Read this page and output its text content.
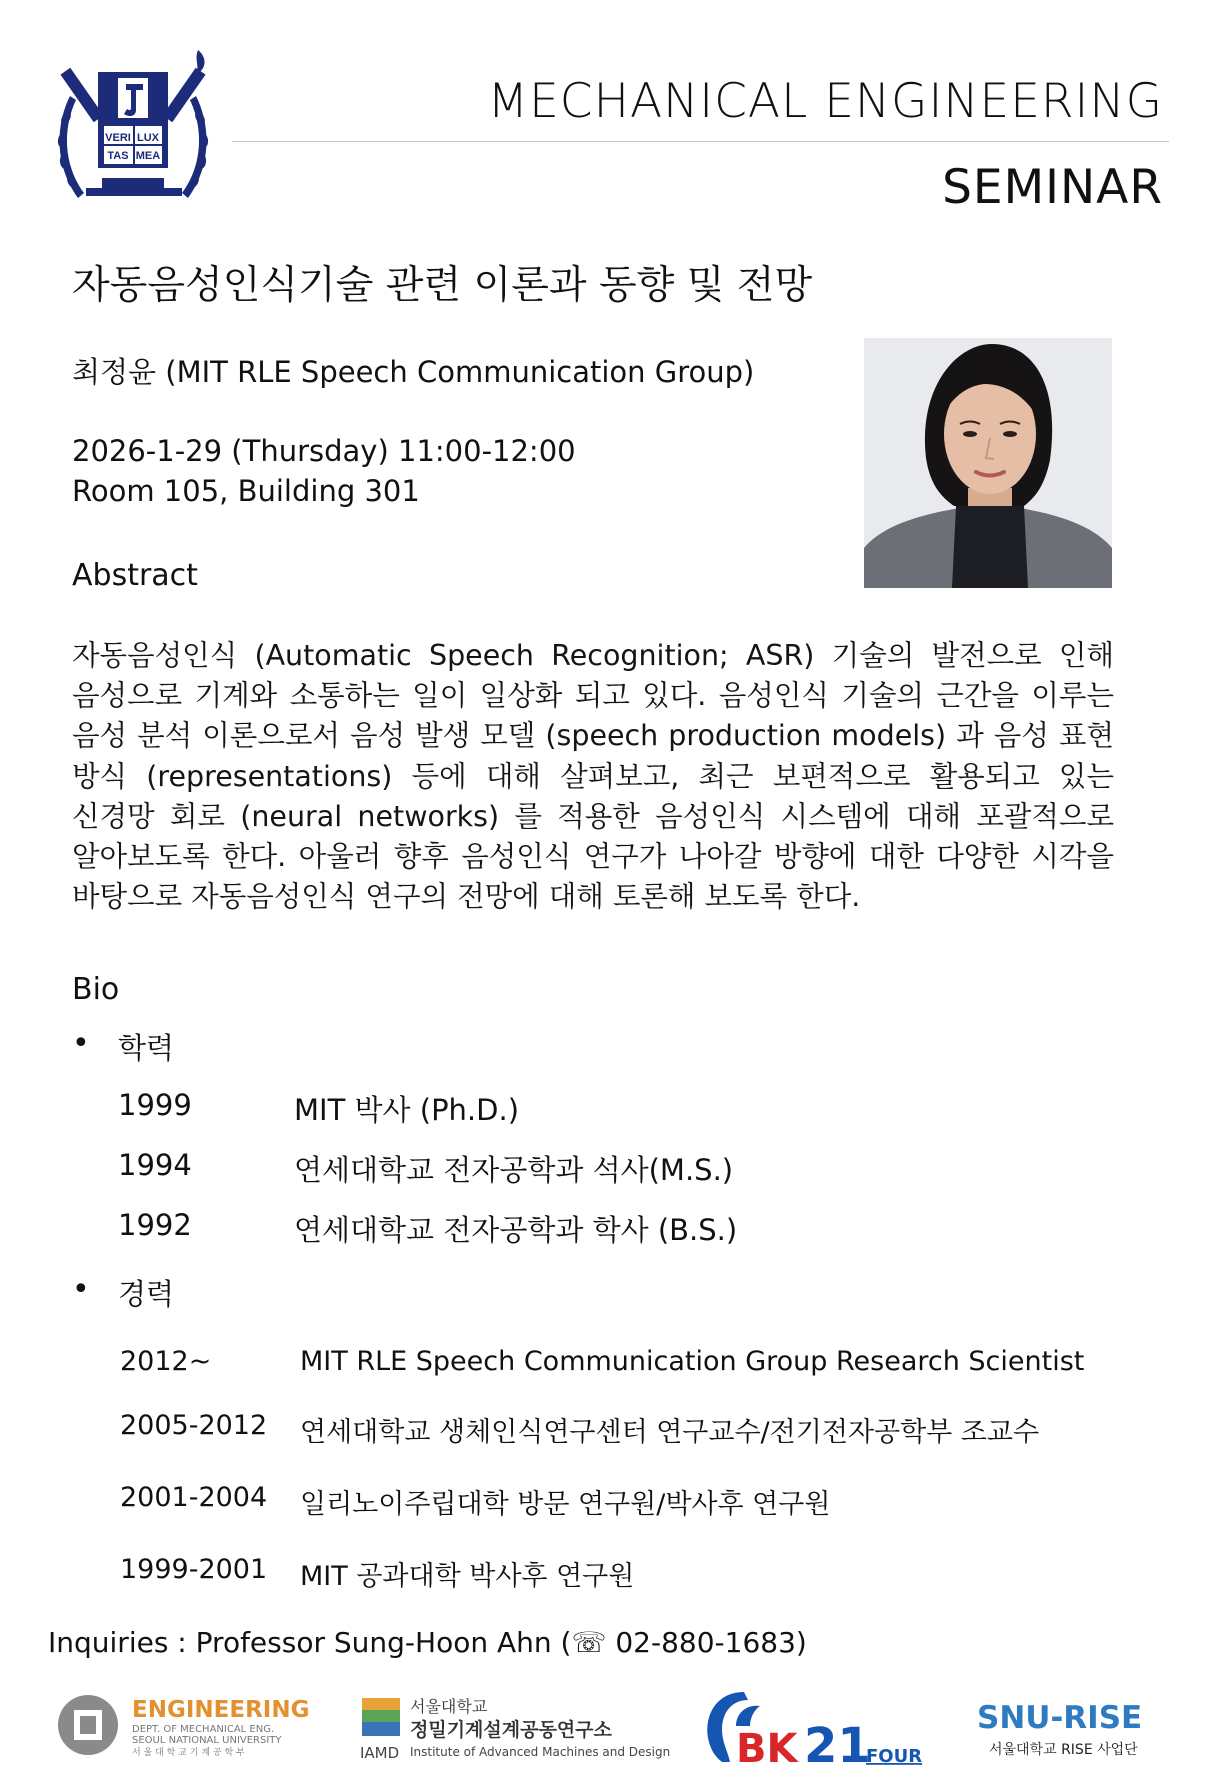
VERI LUX
TAS MEA
MECHANICAL ENGINEERING
SEMINAR
자동음성인식기술 관련 이론과 동향 및 전망
최정윤 (MIT RLE Speech Communication Group)
2026-1-29 (Thursday) 11:00-12:00
Room 105, Building 301
Abstract
자동음성인식 (Automatic Speech Recognition; ASR) 기술의 발전으로 인해 음성으로 기계와 소통하는 일이 일상화 되고 있다. 음성인식 기술의 근간을 이루는 음성 분석 이론으로서 음성 발생 모델 (speech production models) 과 음성 표현 방식 (representations) 등에 대해 살펴보고, 최근 보편적으로 활용되고 있는 신경망 회로 (neural networks) 를 적용한 음성인식 시스템에 대해 포괄적으로 알아보도록 한다. 아울러 향후 음성인식 연구가 나아갈 방향에 대한 다양한 시각을 바탕으로 자동음성인식 연구의 전망에 대해 토론해 보도록 한다.
Bio
• 학력
1999	MIT 박사 (Ph.D.)
1994	연세대학교 전자공학과 석사(M.S.)
1992	연세대학교 전자공학과 학사 (B.S.)
• 경력
2012~	MIT RLE Speech Communication Group Research Scientist
2005-2012 연세대학교 생체인식연구센터 연구교수/전기전자공학부 조교수
2001-2004 일리노이주립대학 방문 연구원/박사후 연구원
1999-2001 MIT 공과대학 박사후 연구원
Inquiries : Professor Sung-Hoon Ahn (☏ 02-880-1683)
ENGINEERING
DEPT. OF MECHANICAL ENG.
SEOUL NATIONAL UNIVERSITY
서 울 대 학 교 기 계 공 학 부	IAMD
서울대학교
정밀기계설계공동연구소
Institute of Advanced Machines and Design BK 21
FOUR
SNU-RISE
서울대학교 RISE 사업단
